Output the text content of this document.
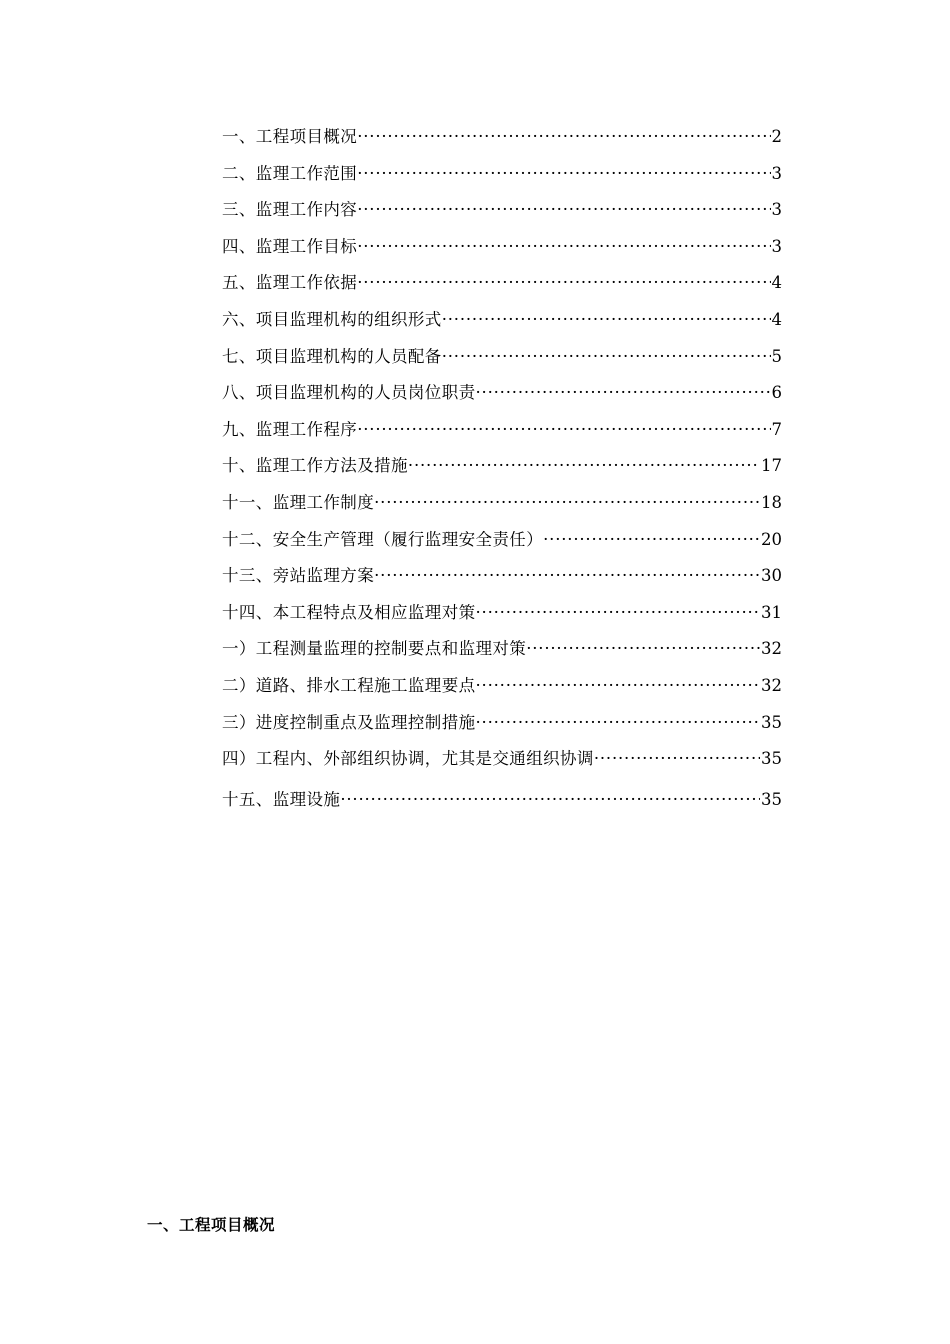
一、工程项目概况 ·····	2
二、监理工作范围 ·····	3
三、监理工作内容 ·····	3
四、监理工作目标 ·····	3
五、监理工作依据 ·····	4
六、项目监理机构的组织形式 ·····	4
七、项目监理机构的人员配备 ·····	5
八、项目监理机构的人员岗位职责 ·····	6
九、监理工作程序 ·····	7
十、监理工作方法及措施 ·····	17
十一、监理工作制度 ·····	18
十二、安全生产管理（履行监理安全责任） ·····	20
十三、旁站监理方案 ·····	30
十四、本工程特点及相应监理对策 ·····	31
一）工程测量监理的控制要点和监理对策 ·····	32
二）道路、排水工程施工监理要点 ·····	32
三）进度控制重点及监理控制措施 ·····	35
四）工程内、外部组织协调，尤其是交通组织协调 ·····	35
十五、监理设施 ·····	35
一、工程项目概况
